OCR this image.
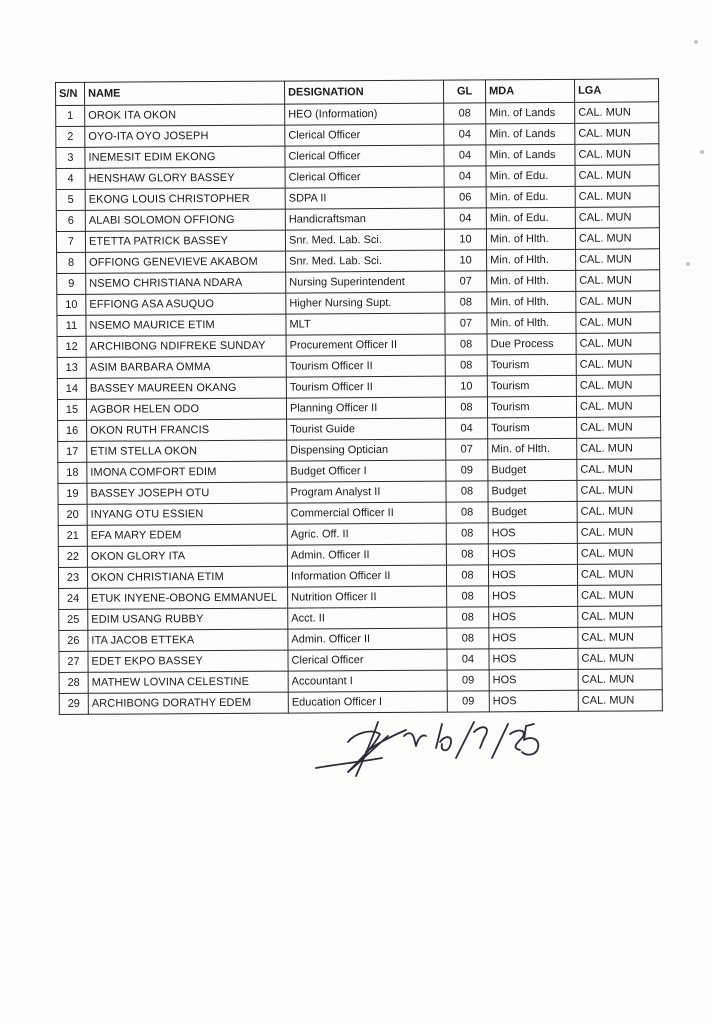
S/N	NAME	DESIGNATION	GL	MDA	LGA
1	OROK ITA OKON	HEO (Information)	08	Min. of Lands	CAL. MUN
2	OYO-ITA OYO JOSEPH	Clerical Officer	04	Min. of Lands	CAL. MUN
3	INEMESIT EDIM EKONG	Clerical Officer	04	Min. of Lands	CAL. MUN
4	HENSHAW GLORY BASSEY	Clerical Officer	04	Min. of Edu.	CAL. MUN
5	EKONG LOUIS CHRISTOPHER	SDPA II	06	Min. of Edu.	CAL. MUN
6	ALABI SOLOMON OFFIONG	Handicraftsman	04	Min. of Edu.	CAL. MUN
7	ETETTA PATRICK BASSEY	Snr. Med. Lab. Sci.	10	Min. of Hlth.	CAL. MUN
8	OFFIONG GENEVIEVE AKABOM	Snr. Med. Lab. Sci.	10	Min. of Hlth.	CAL. MUN
9	NSEMO CHRISTIANA NDARA	Nursing Superintendent	07	Min. of Hlth.	CAL. MUN
10	EFFIONG ASA ASUQUO	Higher Nursing Supt.	08	Min. of Hlth.	CAL. MUN
11	NSEMO MAURICE ETIM	MLT	07	Min. of Hlth.	CAL. MUN
12	ARCHIBONG NDIFREKE SUNDAY	Procurement Officer II	08	Due Process	CAL. MUN
13	ASIM BARBARA OMMA	Tourism Officer II	08	Tourism	CAL. MUN
14	BASSEY MAUREEN OKANG	Tourism Officer II	10	Tourism	CAL. MUN
15	AGBOR HELEN ODO	Planning Officer II	08	Tourism	CAL. MUN
16	OKON RUTH FRANCIS	Tourist Guide	04	Tourism	CAL. MUN
17	ETIM STELLA OKON	Dispensing Optician	07	Min. of Hlth.	CAL. MUN
18	IMONA COMFORT EDIM	Budget Officer I	09	Budget	CAL. MUN
19	BASSEY JOSEPH OTU	Program Analyst II	08	Budget	CAL. MUN
20	INYANG OTU ESSIEN	Commercial Officer II	08	Budget	CAL. MUN
21	EFA MARY EDEM	Agric. Off. II	08	HOS	CAL. MUN
22	OKON GLORY ITA	Admin. Officer II	08	HOS	CAL. MUN
23	OKON CHRISTIANA ETIM	Information Officer II	08	HOS	CAL. MUN
24	ETUK INYENE-OBONG EMMANUEL	Nutrition Officer II	08	HOS	CAL. MUN
25	EDIM USANG RUBBY	Acct. II	08	HOS	CAL. MUN
26	ITA JACOB ETTEKA	Admin. Officer II	08	HOS	CAL. MUN
27	EDET EKPO BASSEY	Clerical Officer	04	HOS	CAL. MUN
28	MATHEW LOVINA CELESTINE	Accountant I	09	HOS	CAL. MUN
29	ARCHIBONG DORATHY EDEM	Education Officer I	09	HOS	CAL. MUN
